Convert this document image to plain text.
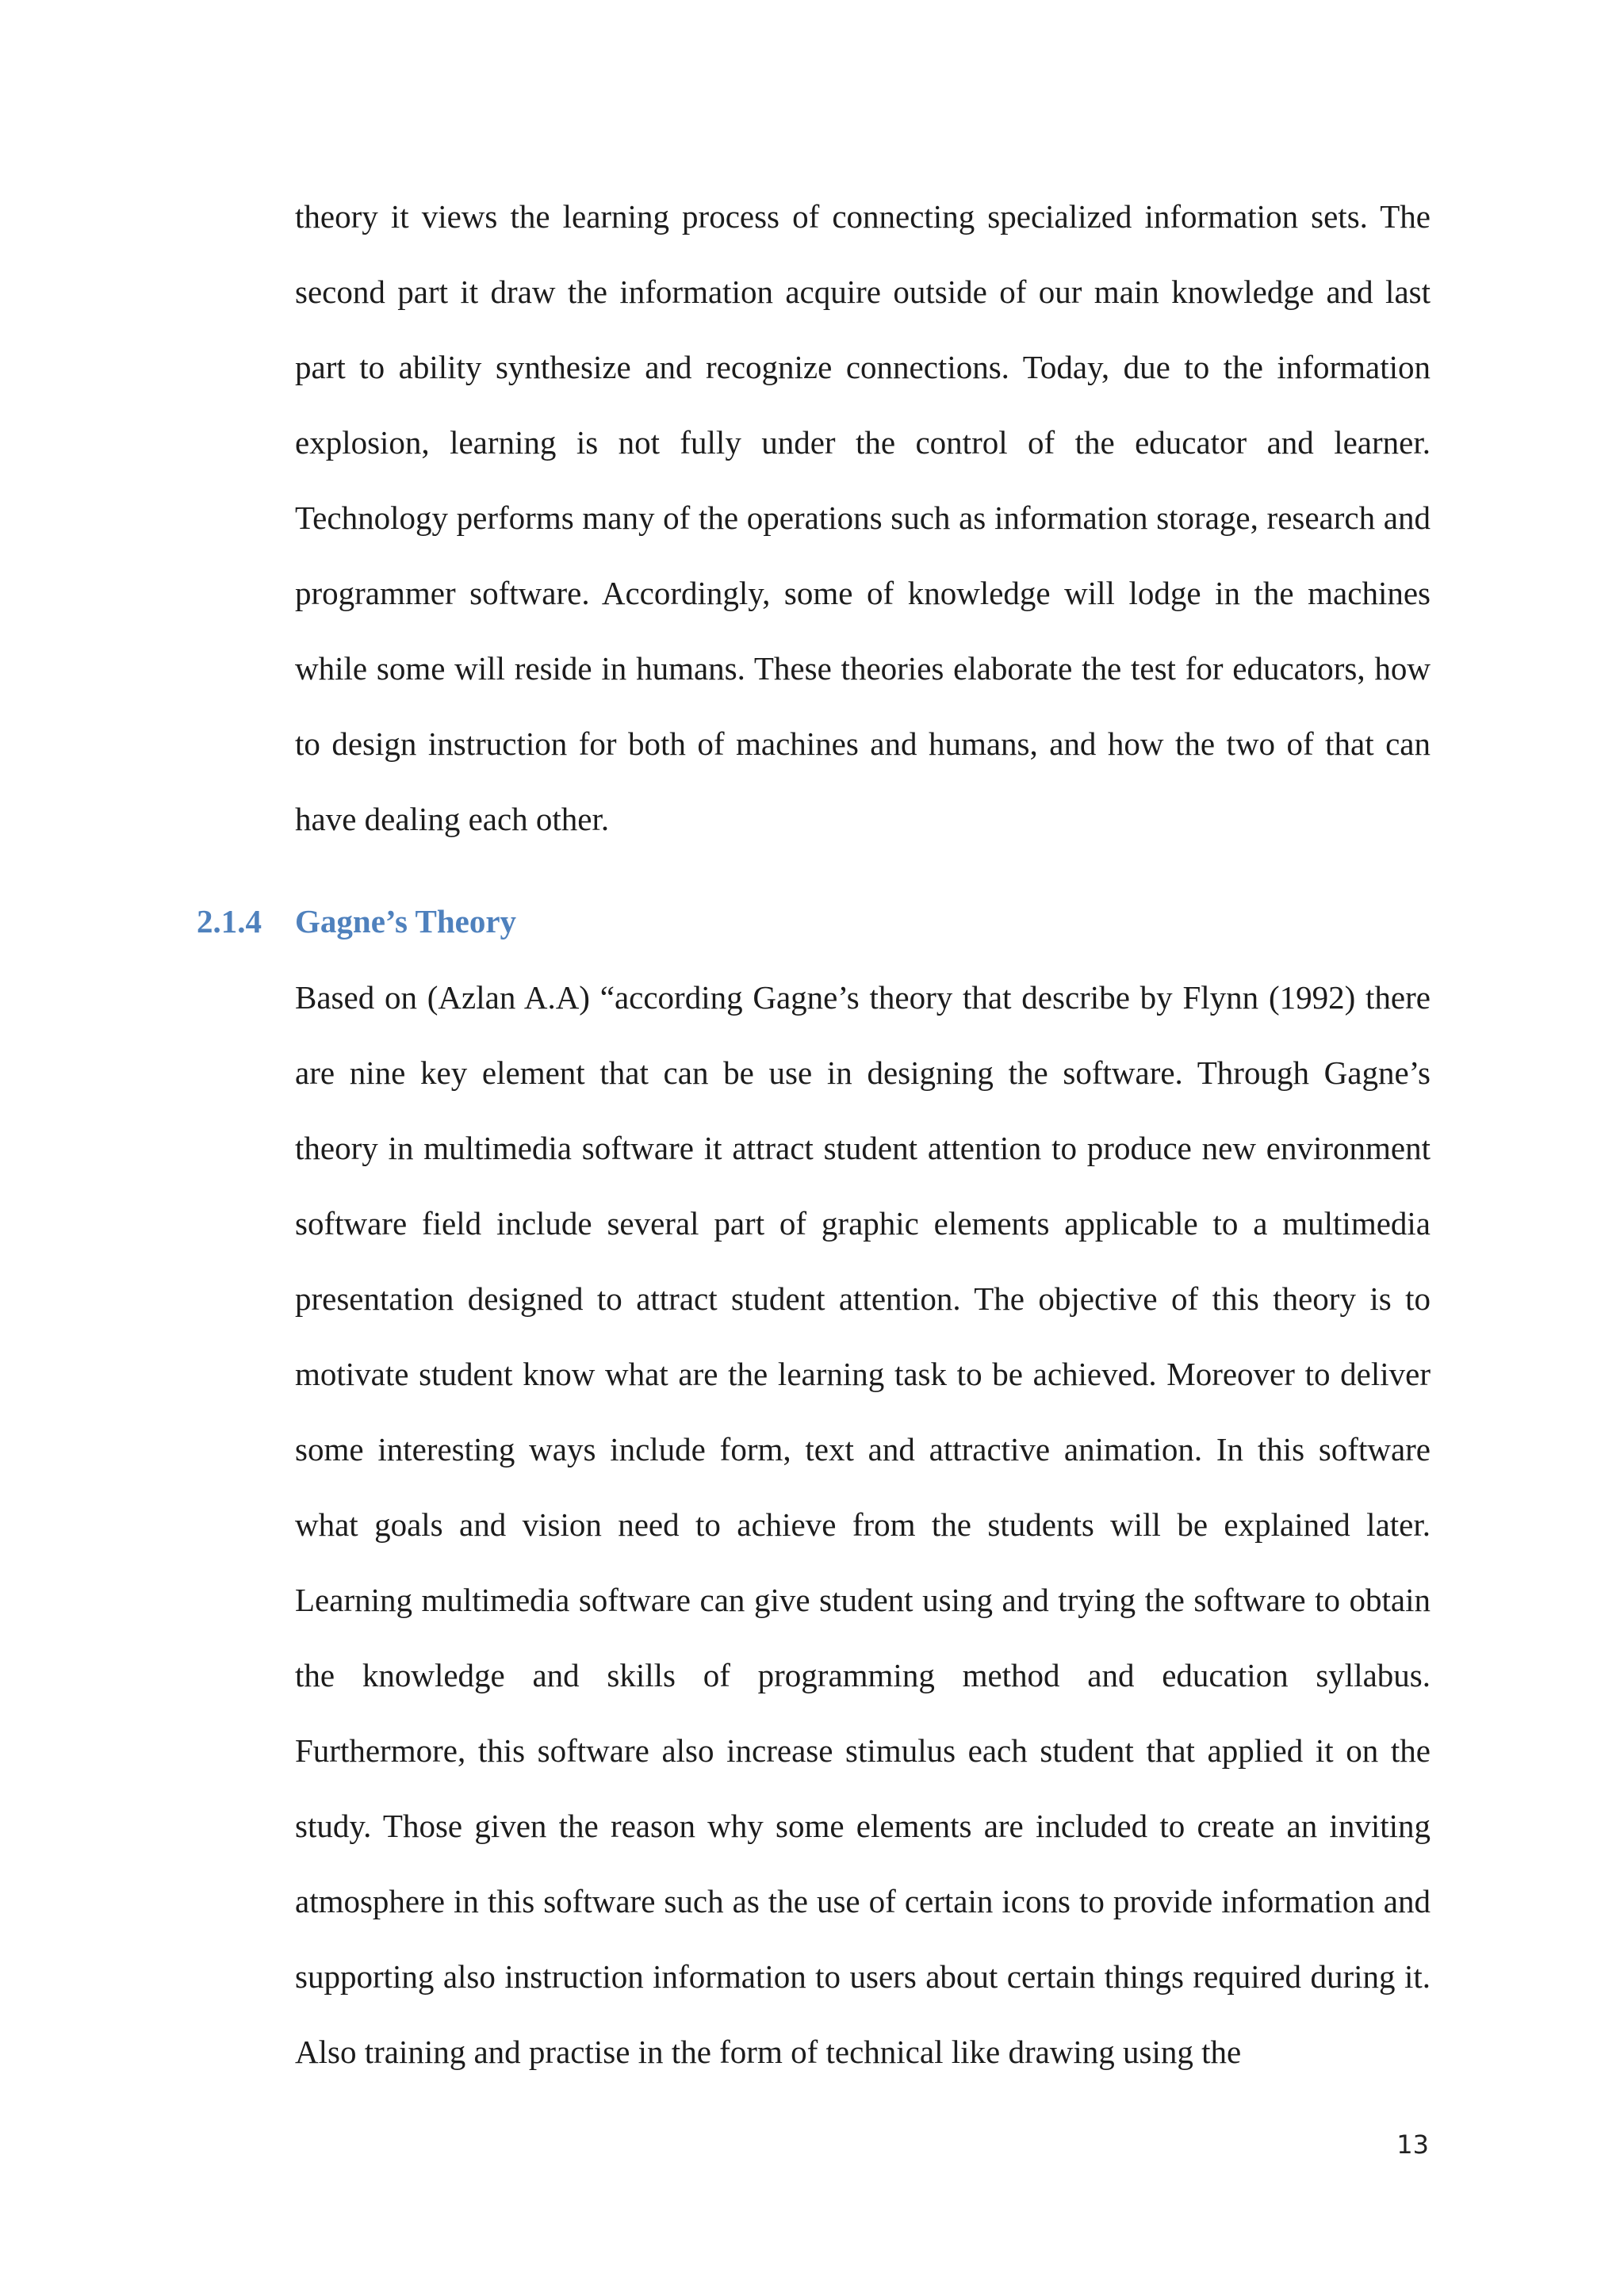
theory it views the learning process of connecting specialized information sets. The second part it draw the information acquire outside of our main knowledge and last part to ability synthesize and recognize connections. Today, due to the information explosion, learning is not fully under the control of the educator and learner. Technology performs many of the operations such as information storage, research and programmer software. Accordingly, some of knowledge will lodge in the machines while some will reside in humans. These theories elaborate the test for educators, how to design instruction for both of machines and humans, and how the two of that can have dealing each other.

2.1.4 Gagne’s Theory

Based on (Azlan A.A) “according Gagne’s theory that describe by Flynn (1992) there are nine key element that can be use in designing the software. Through Gagne’s theory in multimedia software it attract student attention to produce new environment software field include several part of graphic elements applicable to a multimedia presentation designed to attract student attention. The objective of this theory is to motivate student know what are the learning task to be achieved. Moreover to deliver some interesting ways include form, text and attractive animation. In this software what goals and vision need to achieve from the students will be explained later. Learning multimedia software can give student using and trying the software to obtain the knowledge and skills of programming method and education syllabus. Furthermore, this software also increase stimulus each student that applied it on the study. Those given the reason why some elements are included to create an inviting atmosphere in this software such as the use of certain icons to provide information and supporting also instruction information to users about certain things required during it. Also training and practise in the form of technical like drawing using the

13
